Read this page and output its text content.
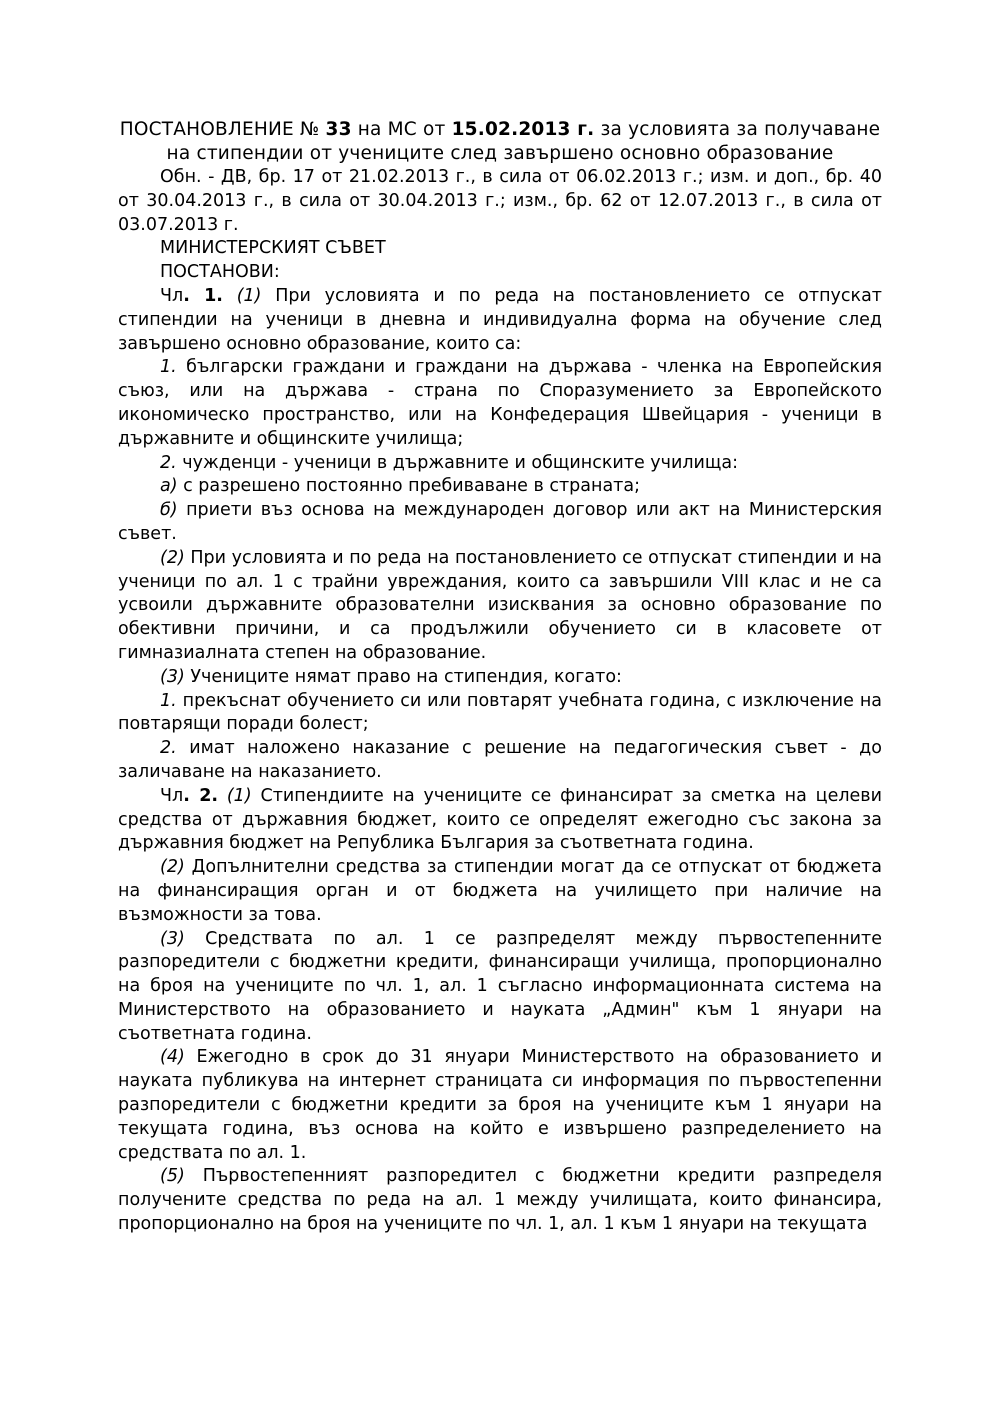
ПОСТАНОВЛЕНИЕ № 33 на МС от 15.02.2013 г. за условията за получаване на стипендии от учениците след завършено основно образование

Обн. - ДВ, бр. 17 от 21.02.2013 г., в сила от 06.02.2013 г.; изм. и доп., бр. 40 от 30.04.2013 г., в сила от 30.04.2013 г.; изм., бр. 62 от 12.07.2013 г., в сила от 03.07.2013 г.

МИНИСТЕРСКИЯТ СЪВЕТ

ПОСТАНОВИ:

Чл. 1. (1) При условията и по реда на постановлението се отпускат стипендии на ученици в дневна и индивидуална форма на обучение след завършено основно образование, които са:

1. български граждани и граждани на държава - членка на Европейския съюз, или на държава - страна по Споразумението за Европейското икономическо пространство, или на Конфедерация Швейцария - ученици в държавните и общинските училища;

2. чужденци - ученици в държавните и общинските училища:

а) с разрешено постоянно пребиваване в страната;

б) приети въз основа на международен договор или акт на Министерския съвет.

(2) При условията и по реда на постановлението се отпускат стипендии и на ученици по ал. 1 с трайни увреждания, които са завършили VIII клас и не са усвоили държавните образователни изисквания за основно образование по обективни причини, и са продължили обучението си в класовете от гимназиалната степен на образование.

(3) Учениците нямат право на стипендия, когато:

1. прекъснат обучението си или повтарят учебната година, с изключение на повтарящи поради болест;

2. имат наложено наказание с решение на педагогическия съвет - до заличаване на наказанието.

Чл. 2. (1) Стипендиите на учениците се финансират за сметка на целеви средства от държавния бюджет, които се определят ежегодно със закона за държавния бюджет на Република България за съответната година.

(2) Допълнителни средства за стипендии могат да се отпускат от бюджета на финансиращия орган и от бюджета на училището при наличие на възможности за това.

(3) Средствата по ал. 1 се разпределят между първостепенните разпоредители с бюджетни кредити, финансиращи училища, пропорционално на броя на учениците по чл. 1, ал. 1 съгласно информационната система на Министерството на образованието и науката „Админ" към 1 януари на съответната година.

(4) Ежегодно в срок до 31 януари Министерството на образованието и науката публикува на интернет страницата си информация по първостепенни разпоредители с бюджетни кредити за броя на учениците към 1 януари на текущата година, въз основа на който е извършено разпределението на средствата по ал. 1.

(5) Първостепенният разпоредител с бюджетни кредити разпределя получените средства по реда на ал. 1 между училищата, които финансира, пропорционално на броя на учениците по чл. 1, ал. 1 към 1 януари на текущата
